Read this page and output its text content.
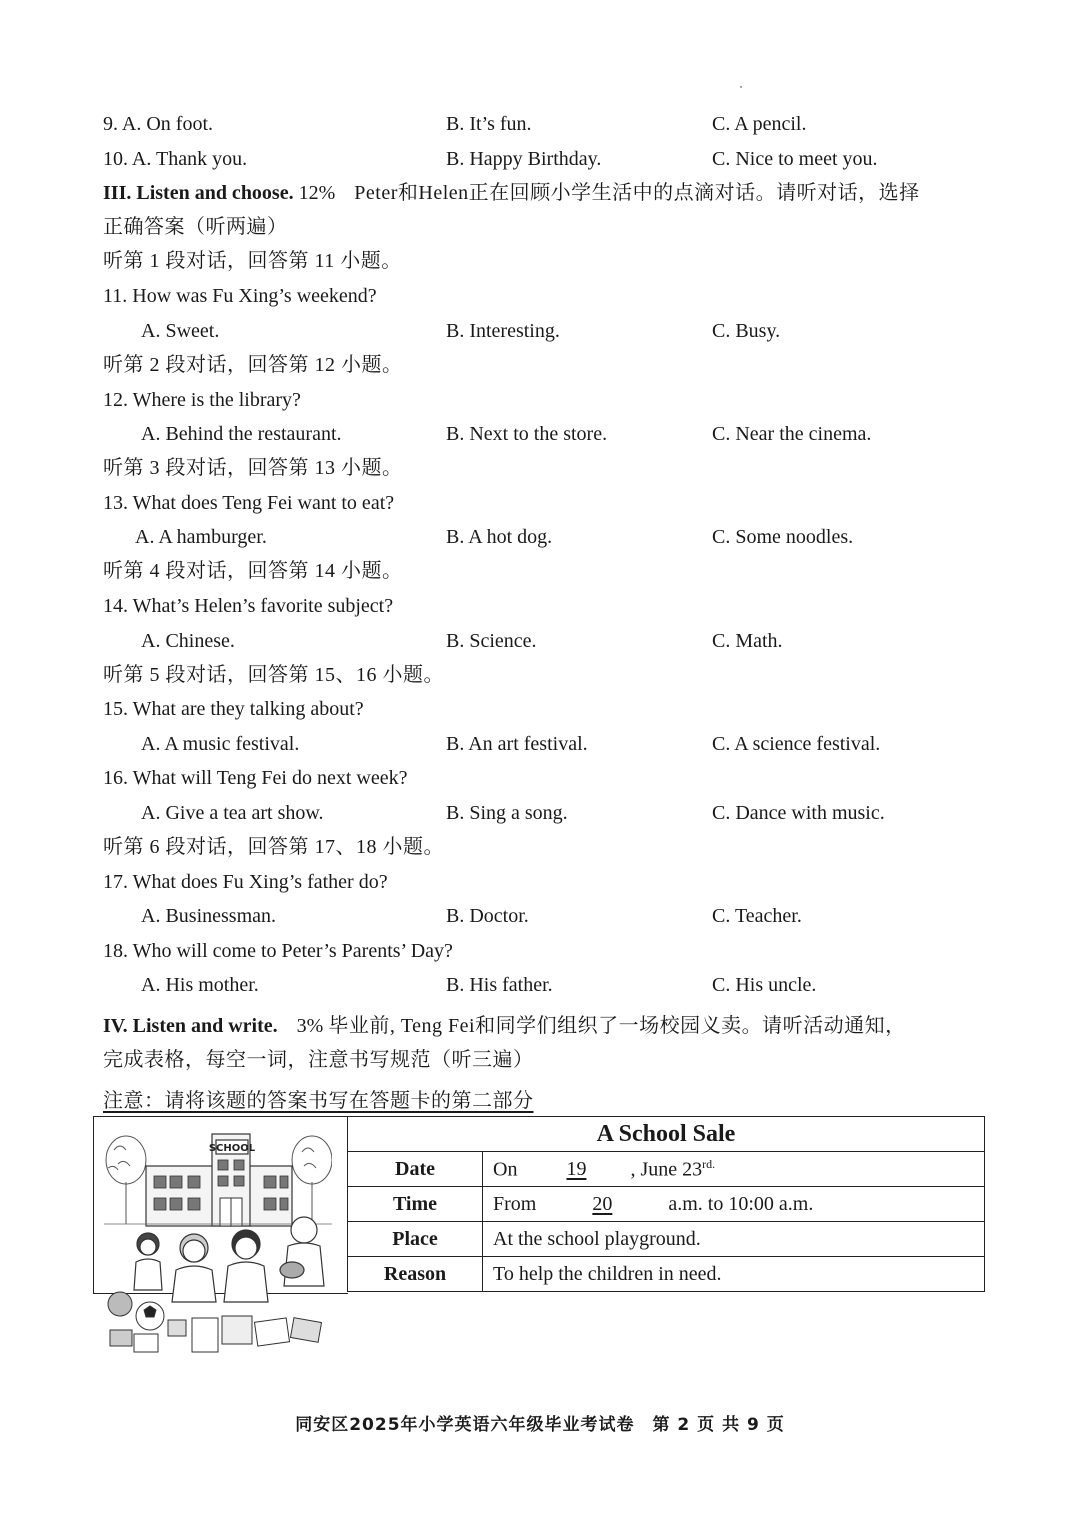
9. A. On foot.	B. It’s fun.	C. A pencil.
10. A. Thank you.	B. Happy Birthday.	C. Nice to meet you.
III. Listen and choose. 12% Peter和Helen正在回顾小学生活中的点滴对话。请听对话，选择
正确答案（听两遍）
听第 1 段对话，回答第 11 小题。
11. How was Fu Xing’s weekend?
A. Sweet.	B. Interesting.	C. Busy.
听第 2 段对话，回答第 12 小题。
12. Where is the library?
A. Behind the restaurant.	B. Next to the store.	C. Near the cinema.
听第 3 段对话，回答第 13 小题。
13. What does Teng Fei want to eat?
A. A hamburger.	B. A hot dog.	C. Some noodles.
听第 4 段对话，回答第 14 小题。
14. What’s Helen’s favorite subject?
A. Chinese.	B. Science.	C. Math.
听第 5 段对话，回答第 15、16 小题。
15. What are they talking about?
A. A music festival.	B. An art festival.	C. A science festival.
16. What will Teng Fei do next week?
A. Give a tea art show.	B. Sing a song.	C. Dance with music.
听第 6 段对话，回答第 17、18 小题。
17. What does Fu Xing’s father do?
A. Businessman.	B. Doctor.	C. Teacher.
18. Who will come to Peter’s Parents’ Day?
A. His mother.	B. His father.	C. His uncle.
IV. Listen and write. 3% 毕业前, Teng Fei和同学们组织了一场校园义卖。请听活动通知，
完成表格，每空一词，注意书写规范（听三遍）
注意：请将该题的答案书写在答题卡的第二部分
SCHOOL
A School Sale	
Date	On 19 , June $23^{rd.}$
Time	From 20 a.m. to 10:00 a.m.
Place	At the school playground.
Reason	To help the children in need.
同安区2025年小学英语六年级毕业考试卷　第 2 页 共 9 页
